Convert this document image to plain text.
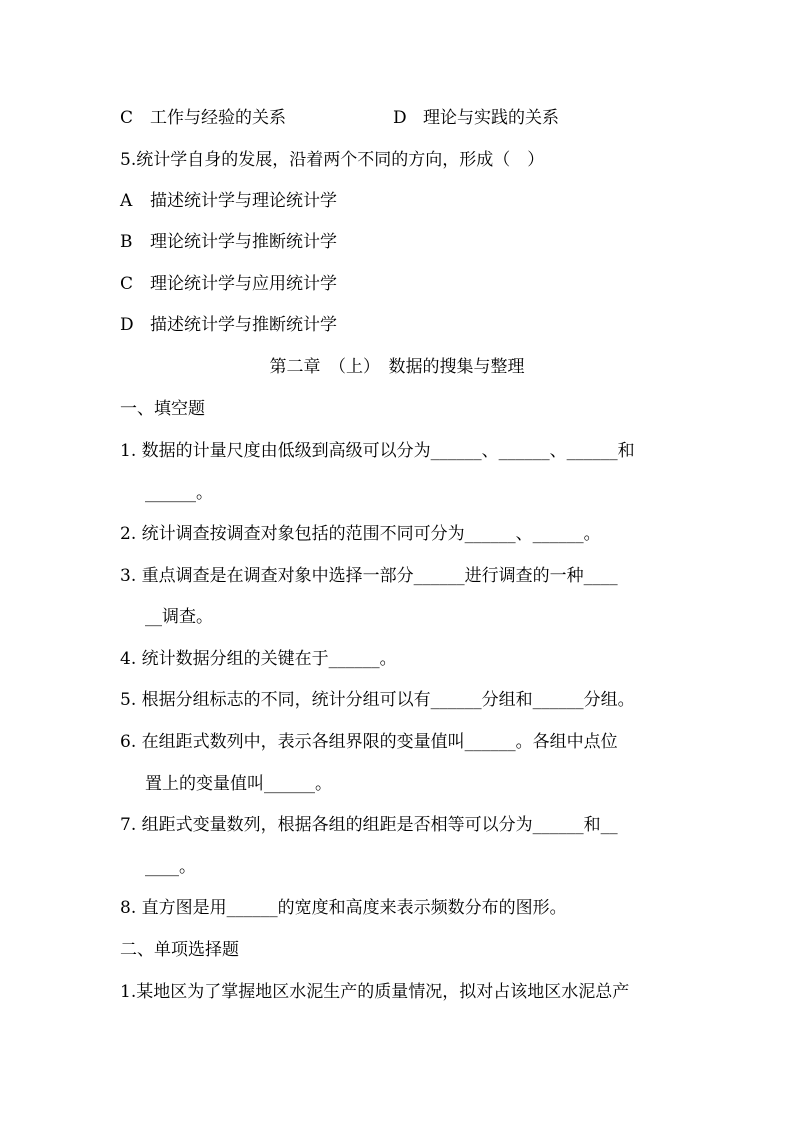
C 工作与经验的关系	D 理论与实践的关系
5.统计学自身的发展，沿着两个不同的方向，形成（　）
A 描述统计学与理论统计学
B 理论统计学与推断统计学
C 理论统计学与应用统计学
D 描述统计学与推断统计学
第二章　（上）　数据的搜集与整理
一、填空题
1. 数据的计量尺度由低级到高级可以分为______、______、______和
______。
2. 统计调查按调查对象包括的范围不同可分为______、______。
3. 重点调查是在调查对象中选择一部分______进行调查的一种____
__调查。
4. 统计数据分组的关键在于______。
5. 根据分组标志的不同，统计分组可以有______分组和______分组。
6. 在组距式数列中，表示各组界限的变量值叫______。各组中点位
置上的变量值叫______。
7. 组距式变量数列，根据各组的组距是否相等可以分为______和__
____。
8. 直方图是用______的宽度和高度来表示频数分布的图形。
二、单项选择题
1.某地区为了掌握地区水泥生产的质量情况，拟对占该地区水泥总产
